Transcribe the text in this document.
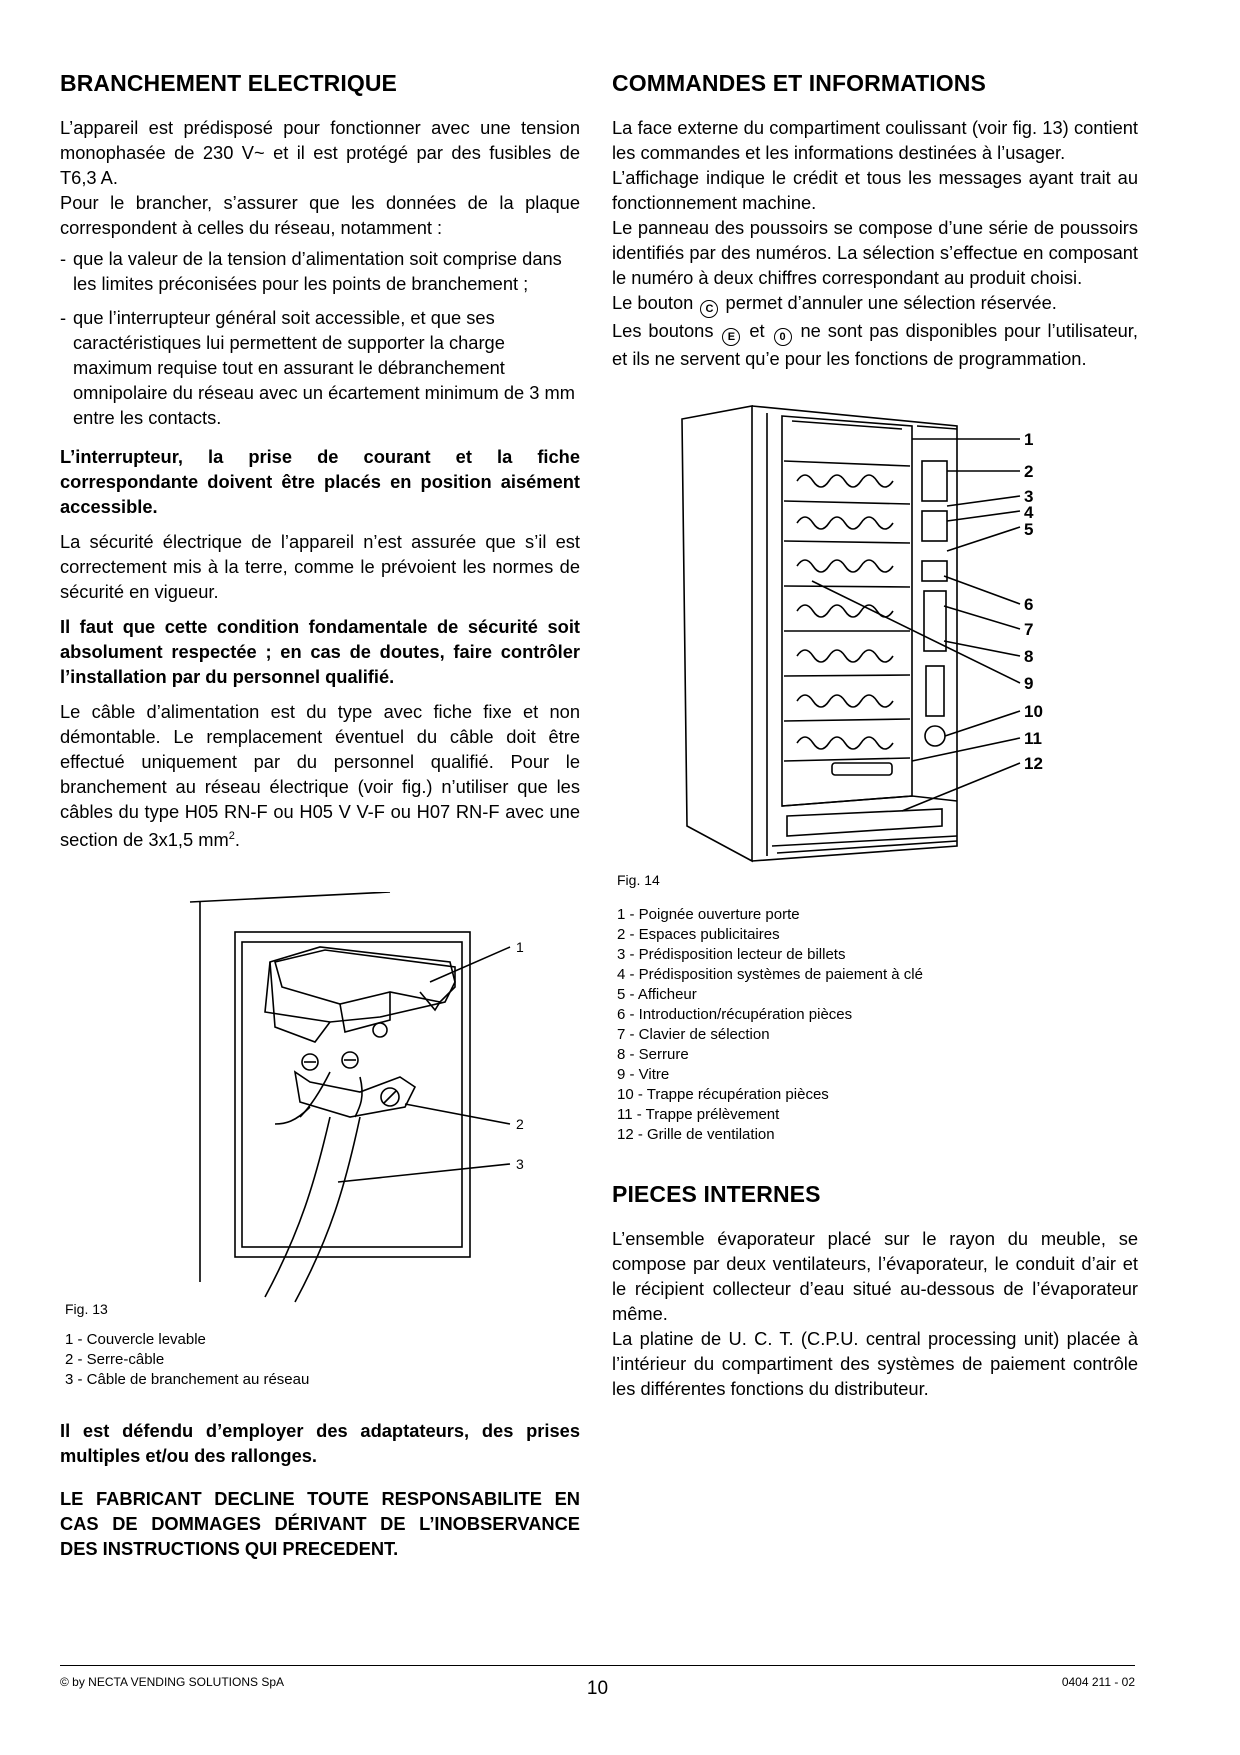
BRANCHEMENT ELECTRIQUE

L’appareil est prédisposé pour fonctionner avec une tension monophasée de 230 V~ et il est protégé par des fusibles de T6,3 A.

Pour le brancher, s’assurer que les données de la plaque correspondent à celles du réseau, notamment :

- que la valeur de la tension d’alimentation soit comprise dans les limites préconisées pour les points de branchement ;
- que l’interrupteur général soit accessible, et que ses caractéristiques lui permettent de supporter la charge maximum requise tout en assurant le débranchement omnipolaire du réseau avec un écartement minimum de 3 mm entre les contacts.

L’interrupteur, la prise de courant et la fiche correspondante doivent être placés en position aisément accessible.

La sécurité électrique de l’appareil n’est assurée que s’il est correctement mis à la terre, comme le prévoient les normes de sécurité en vigueur.

Il faut que cette condition fondamentale de sécurité soit absolument respectée ; en cas de doutes, faire contrôler l’installation par du personnel qualifié.

Le câble d’alimentation est du type avec fiche fixe et non démontable. Le remplacement éventuel du câble doit être effectué uniquement par du personnel qualifié. Pour le branchement au réseau électrique (voir fig.) n’utiliser que les câbles du type H05 RN-F ou H05 V V-F ou H07 RN-F avec une section de 3x1,5 $mm^2$.

1
2
3

Fig. 13

1 - Couvercle levable
2 - Serre-câble
3 - Câble de branchement au réseau

Il est défendu d’employer des adaptateurs, des prises multiples et/ou des rallonges.

LE FABRICANT DECLINE TOUTE RESPONSABILITE EN CAS DE DOMMAGES DÉRIVANT DE L’INOBSERVANCE DES INSTRUCTIONS QUI PRECEDENT.

COMMANDES ET INFORMATIONS

La face externe du compartiment coulissant (voir fig. 13) contient les commandes et les informations destinées à l’usager.

L’affichage indique le crédit et tous les messages ayant trait au fonctionnement machine.

Le panneau des poussoirs se compose d’une série de poussoirs identifiés par des numéros. La sélection s’effectue en composant le numéro à deux chiffres correspondant au produit choisi.

Le bouton C permet d’annuler une sélection réservée.

Les boutons E et 0 ne sont pas disponibles pour l’utilisateur, et ils ne servent qu’e pour les fonctions de programmation.

1
2
3
4
5
6
7
8
9
10
11
12

Fig. 14

1 - Poignée ouverture porte
2 - Espaces publicitaires
3 - Prédisposition lecteur de billets
4 - Prédisposition systèmes de paiement à clé
5 - Afficheur
6 - Introduction/récupération pièces
7 - Clavier de sélection
8 - Serrure
9 - Vitre
10 - Trappe récupération pièces
11 - Trappe prélèvement
12 - Grille de ventilation
PIECES INTERNES

L’ensemble évaporateur placé sur le rayon du meuble, se compose par deux ventilateurs, l’évaporateur, le conduit d’air et le récipient collecteur d’eau situé au-dessous de l’évaporateur même.

La platine de U. C. T. (C.P.U. central processing unit) placée à l’intérieur du compartiment des systèmes de paiement contrôle les différentes fonctions du distributeur.

© by NECTA VENDING SOLUTIONS SpA	10	0404 211 - 02
